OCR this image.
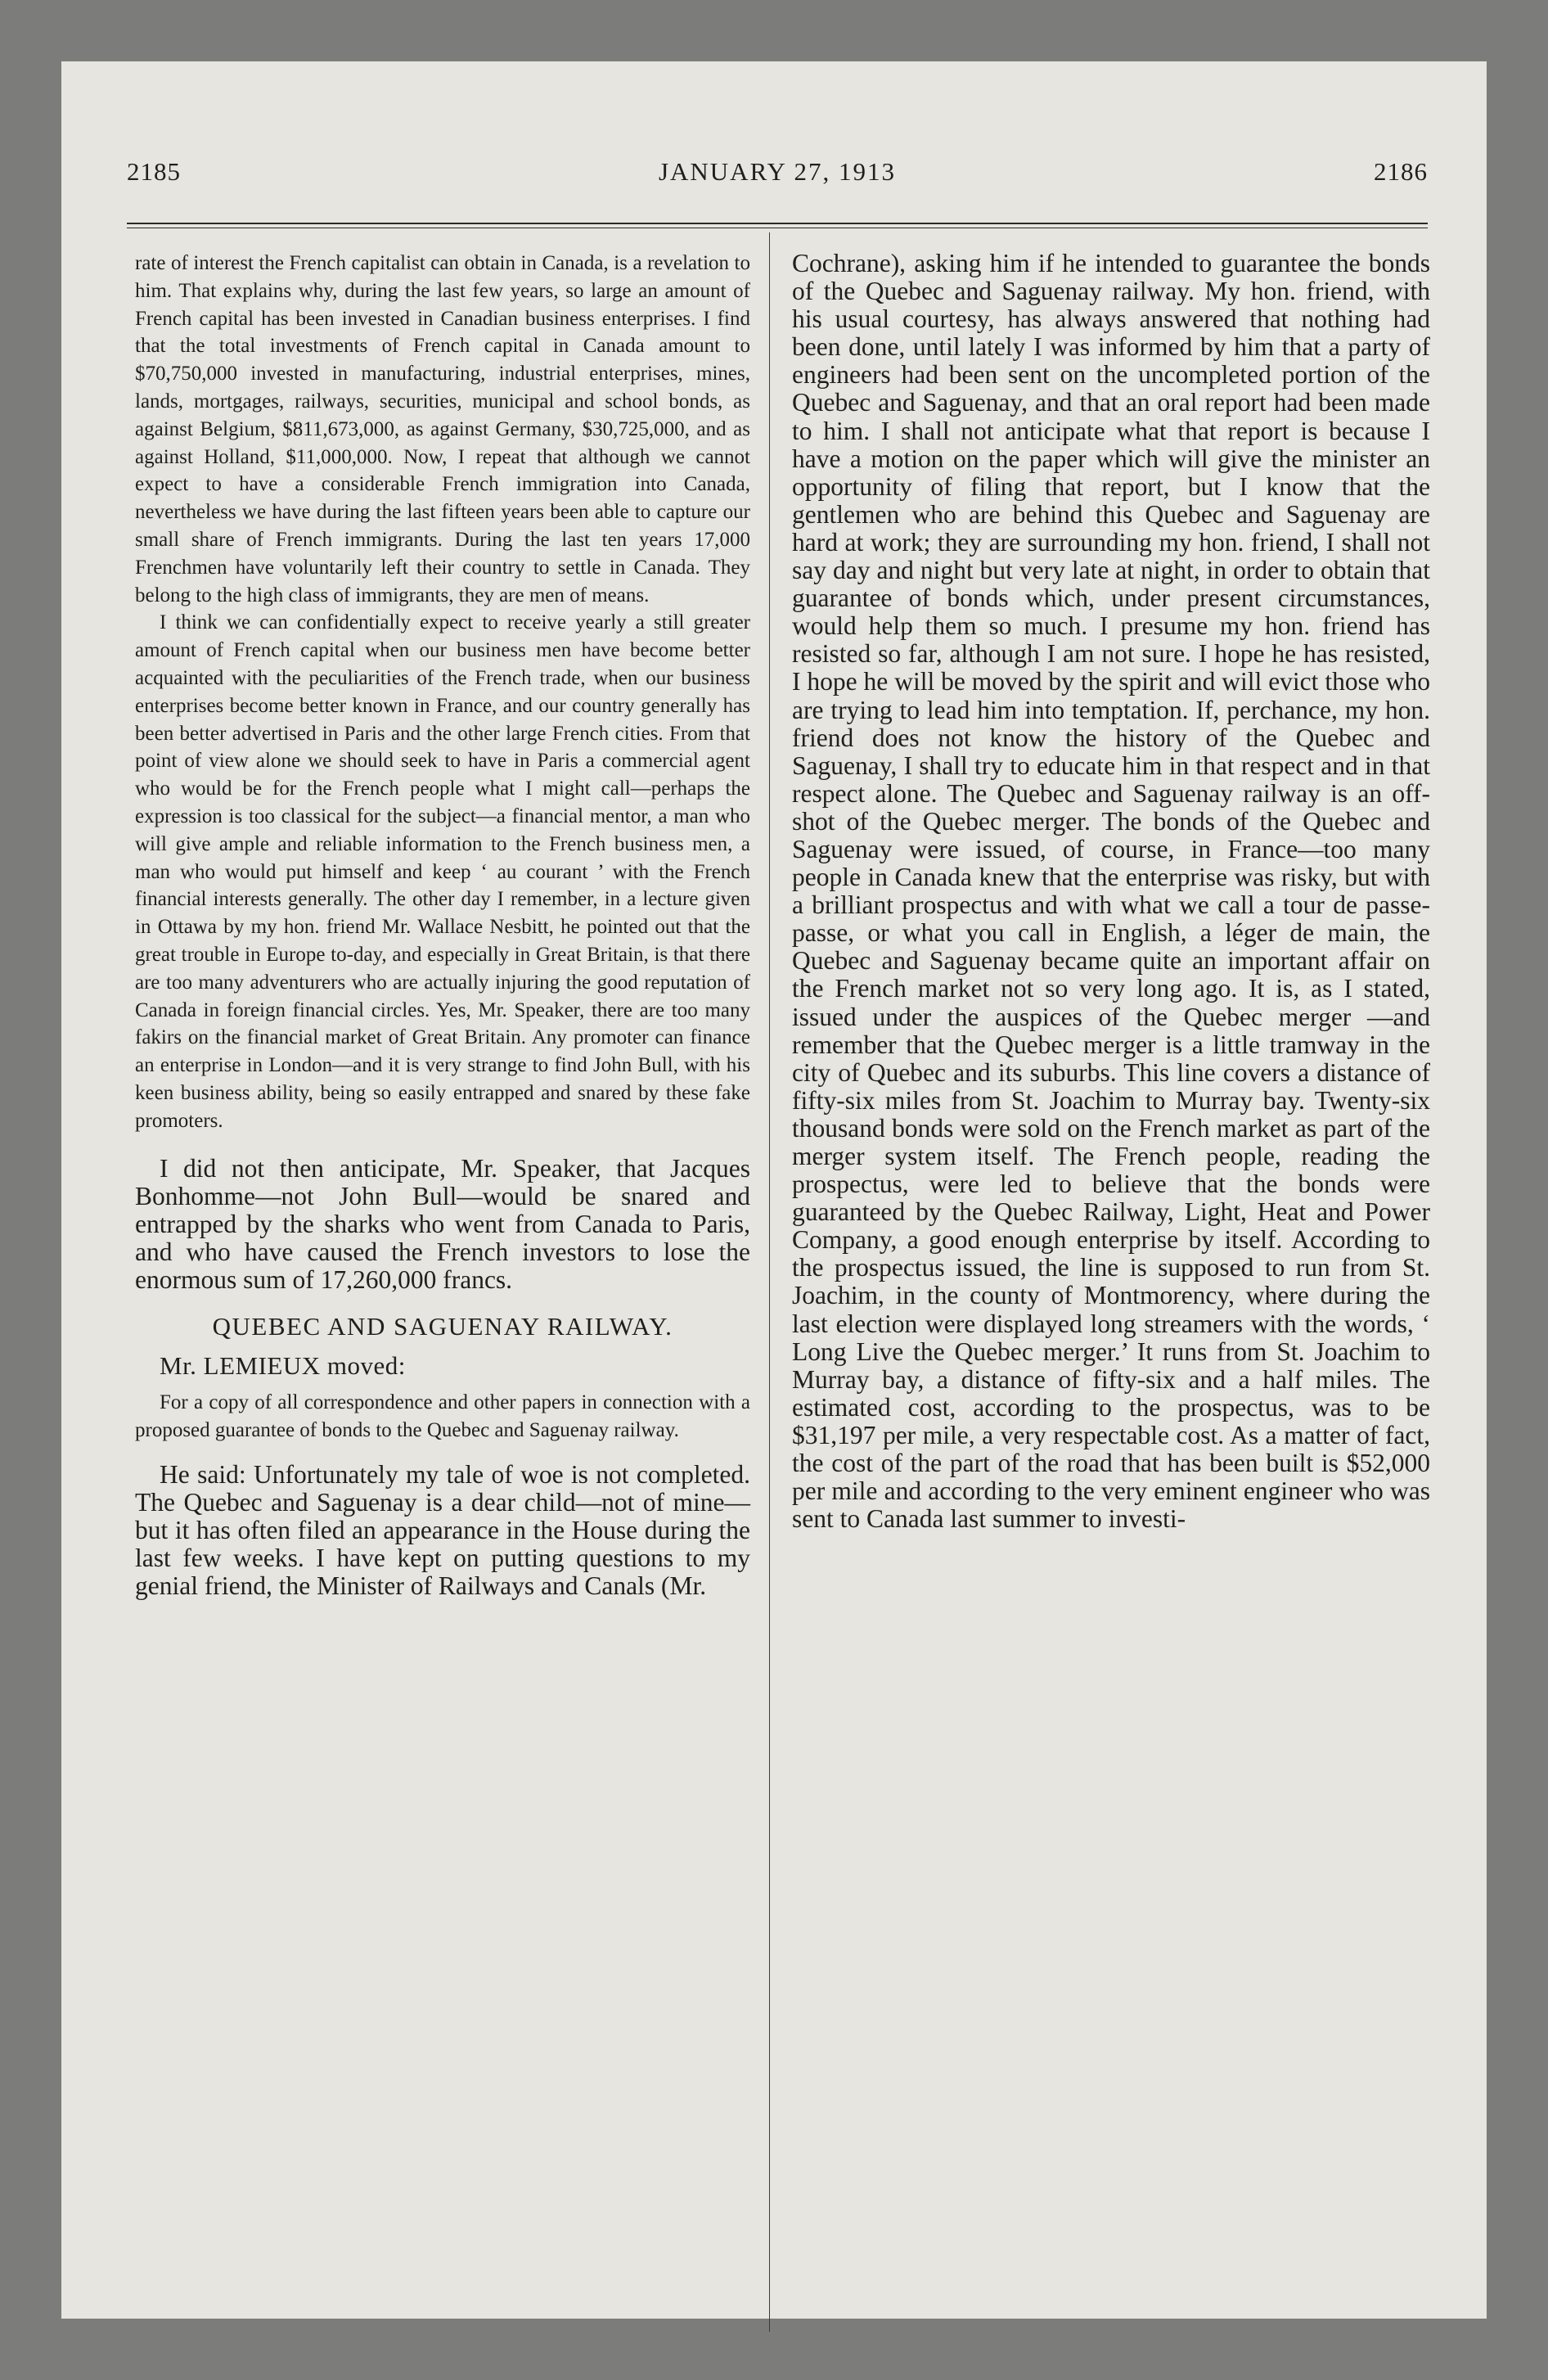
JANUARY 27, 1913
2185	2186

rate of interest the French capitalist can obtain in Canada, is a revelation to him. That explains why, during the last few years, so large an amount of French capital has been invested in Canadian business enterprises. I find that the total investments of French capital in Canada amount to $70,750,000 invested in manufacturing, industrial enterprises, mines, lands, mortgages, railways, securities, municipal and school bonds, as against Belgium, $811,673,000, as against Germany, $30,725,000, and as against Holland, $11,000,000. Now, I repeat that although we cannot expect to have a considerable French immigration into Canada, nevertheless we have during the last fifteen years been able to capture our small share of French immigrants. During the last ten years 17,000 Frenchmen have voluntarily left their country to settle in Canada. They belong to the high class of immigrants, they are men of means.

I think we can confidentially expect to receive yearly a still greater amount of French capital when our business men have become better acquainted with the peculiarities of the French trade, when our business enterprises become better known in France, and our country generally has been better advertised in Paris and the other large French cities. From that point of view alone we should seek to have in Paris a commercial agent who would be for the French people what I might call—perhaps the expression is too classical for the subject—a financial mentor, a man who will give ample and reliable information to the French business men, a man who would put himself and keep ‘ au courant ’ with the French financial interests generally. The other day I remember, in a lecture given in Ottawa by my hon. friend Mr. Wallace Nesbitt, he pointed out that the great trouble in Europe to-day, and especially in Great Britain, is that there are too many adventurers who are actually injuring the good reputation of Canada in foreign financial circles. Yes, Mr. Speaker, there are too many fakirs on the financial market of Great Britain. Any promoter can finance an enterprise in London—and it is very strange to find John Bull, with his keen business ability, being so easily entrapped and snared by these fake promoters.

I did not then anticipate, Mr. Speaker, that Jacques Bonhomme—not John Bull—would be snared and entrapped by the sharks who went from Canada to Paris, and who have caused the French investors to lose the enormous sum of 17,260,000 francs.

QUEBEC AND SAGUENAY RAILWAY.
Mr. LEMIEUX moved:

For a copy of all correspondence and other papers in connection with a proposed guarantee of bonds to the Quebec and Saguenay railway.

He said: Unfortunately my tale of woe is not completed. The Quebec and Saguenay is a dear child—not of mine—but it has often filed an appearance in the House during the last few weeks. I have kept on putting questions to my genial friend, the Minister of Railways and Canals (Mr.

Cochrane), asking him if he intended to guarantee the bonds of the Quebec and Saguenay railway. My hon. friend, with his usual courtesy, has always answered that nothing had been done, until lately I was informed by him that a party of engineers had been sent on the uncompleted portion of the Quebec and Saguenay, and that an oral report had been made to him. I shall not anticipate what that report is because I have a motion on the paper which will give the minister an opportunity of filing that report, but I know that the gentlemen who are behind this Quebec and Saguenay are hard at work; they are surrounding my hon. friend, I shall not say day and night but very late at night, in order to obtain that guarantee of bonds which, under present circumstances, would help them so much. I presume my hon. friend has resisted so far, although I am not sure. I hope he has resisted, I hope he will be moved by the spirit and will evict those who are trying to lead him into temptation. If, perchance, my hon. friend does not know the history of the Quebec and Saguenay, I shall try to educate him in that respect and in that respect alone. The Quebec and Saguenay railway is an off-shot of the Quebec merger. The bonds of the Quebec and Saguenay were issued, of course, in France—too many people in Canada knew that the enterprise was risky, but with a brilliant prospectus and with what we call a tour de passe-passe, or what you call in English, a léger de main, the Quebec and Saguenay became quite an important affair on the French market not so very long ago. It is, as I stated, issued under the auspices of the Quebec merger —and remember that the Quebec merger is a little tramway in the city of Quebec and its suburbs. This line covers a distance of fifty-six miles from St. Joachim to Murray bay. Twenty-six thousand bonds were sold on the French market as part of the merger system itself. The French people, reading the prospectus, were led to believe that the bonds were guaranteed by the Quebec Railway, Light, Heat and Power Company, a good enough enterprise by itself. According to the prospectus issued, the line is supposed to run from St. Joachim, in the county of Montmorency, where during the last election were displayed long streamers with the words, ‘ Long Live the Quebec merger.’ It runs from St. Joachim to Murray bay, a distance of fifty-six and a half miles. The estimated cost, according to the prospectus, was to be $31,197 per mile, a very respectable cost. As a matter of fact, the cost of the part of the road that has been built is $52,000 per mile and according to the very eminent engineer who was sent to Canada last summer to investi-
